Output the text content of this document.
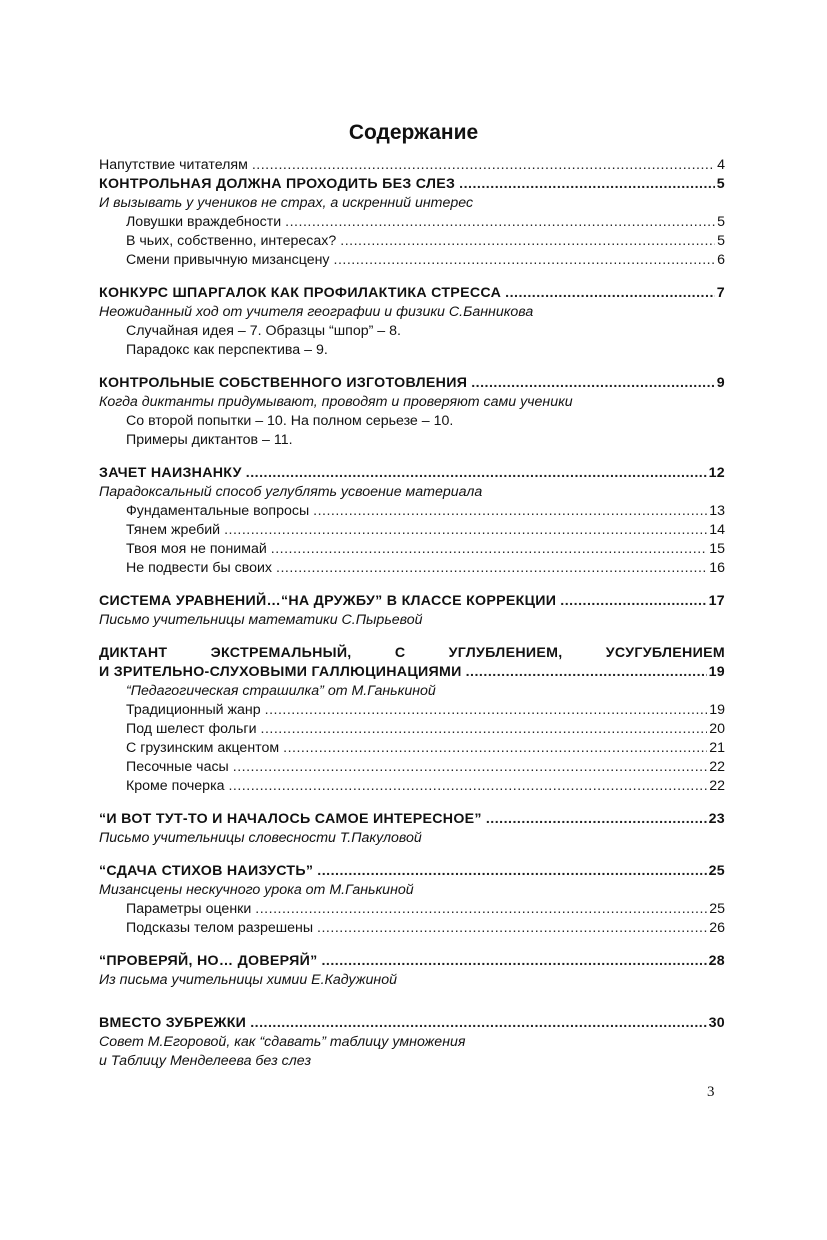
Содержание
Напутствие читателям .....	4
КОНТРОЛЬНАЯ ДОЛЖНА ПРОХОДИТЬ БЕЗ СЛЕЗ .....	5
И вызывать у учеников не страх, а искренний интерес
Ловушки враждебности .....	5
В чьих, собственно, интересах? .....	5
Смени привычную мизансцену .....	6
КОНКУРС ШПАРГАЛОК КАК ПРОФИЛАКТИКА СТРЕССА .....	7
Неожиданный ход от учителя географии и физики С.Банникова
Случайная идея – 7. Образцы “шпор” – 8.
Парадокс как перспектива – 9.
КОНТРОЛЬНЫЕ СОБСТВЕННОГО ИЗГОТОВЛЕНИЯ .....	9
Когда диктанты придумывают, проводят и проверяют сами ученики
Со второй попытки – 10. На полном серьезе – 10.
Примеры диктантов – 11.
ЗАЧЕТ НАИЗНАНКУ .....	12
Парадоксальный способ углублять усвоение материала
Фундаментальные вопросы .....	13
Тянем жребий .....	14
Твоя моя не понимай .....	15
Не подвести бы своих .....	16
СИСТЕМА УРАВНЕНИЙ…“НА ДРУЖБУ” В КЛАССЕ КОРРЕКЦИИ .....	17
Письмо учительницы математики С.Пырьевой
ДИКТАНТ	ЭКСТРЕМАЛЬНЫЙ,	С	УГЛУБЛЕНИЕМ,	УСУГУБЛЕНИЕМ
И ЗРИТЕЛЬНО-СЛУХОВЫМИ ГАЛЛЮЦИНАЦИЯМИ .....	19
“Педагогическая страшилка” от М.Ганькиной
Традиционный жанр .....	19
Под шелест фольги .....	20
С грузинским акцентом .....	21
Песочные часы .....	22
Кроме почерка .....	22
“И ВОТ ТУТ-ТО И НАЧАЛОСЬ САМОЕ ИНТЕРЕСНОЕ” .....	23
Письмо учительницы словесности Т.Пакуловой
“СДАЧА СТИХОВ НАИЗУСТЬ” .....	25
Мизансцены нескучного урока от М.Ганькиной
Параметры оценки .....	25
Подсказы телом разрешены .....	26
“ПРОВЕРЯЙ, НО… ДОВЕРЯЙ” .....	28
Из письма учительницы химии Е.Кадужиной
ВМЕСТО ЗУБРЕЖКИ .....	30
Совет М.Егоровой, как “сдавать” таблицу умножения
и Таблицу Менделеева без слез
3
